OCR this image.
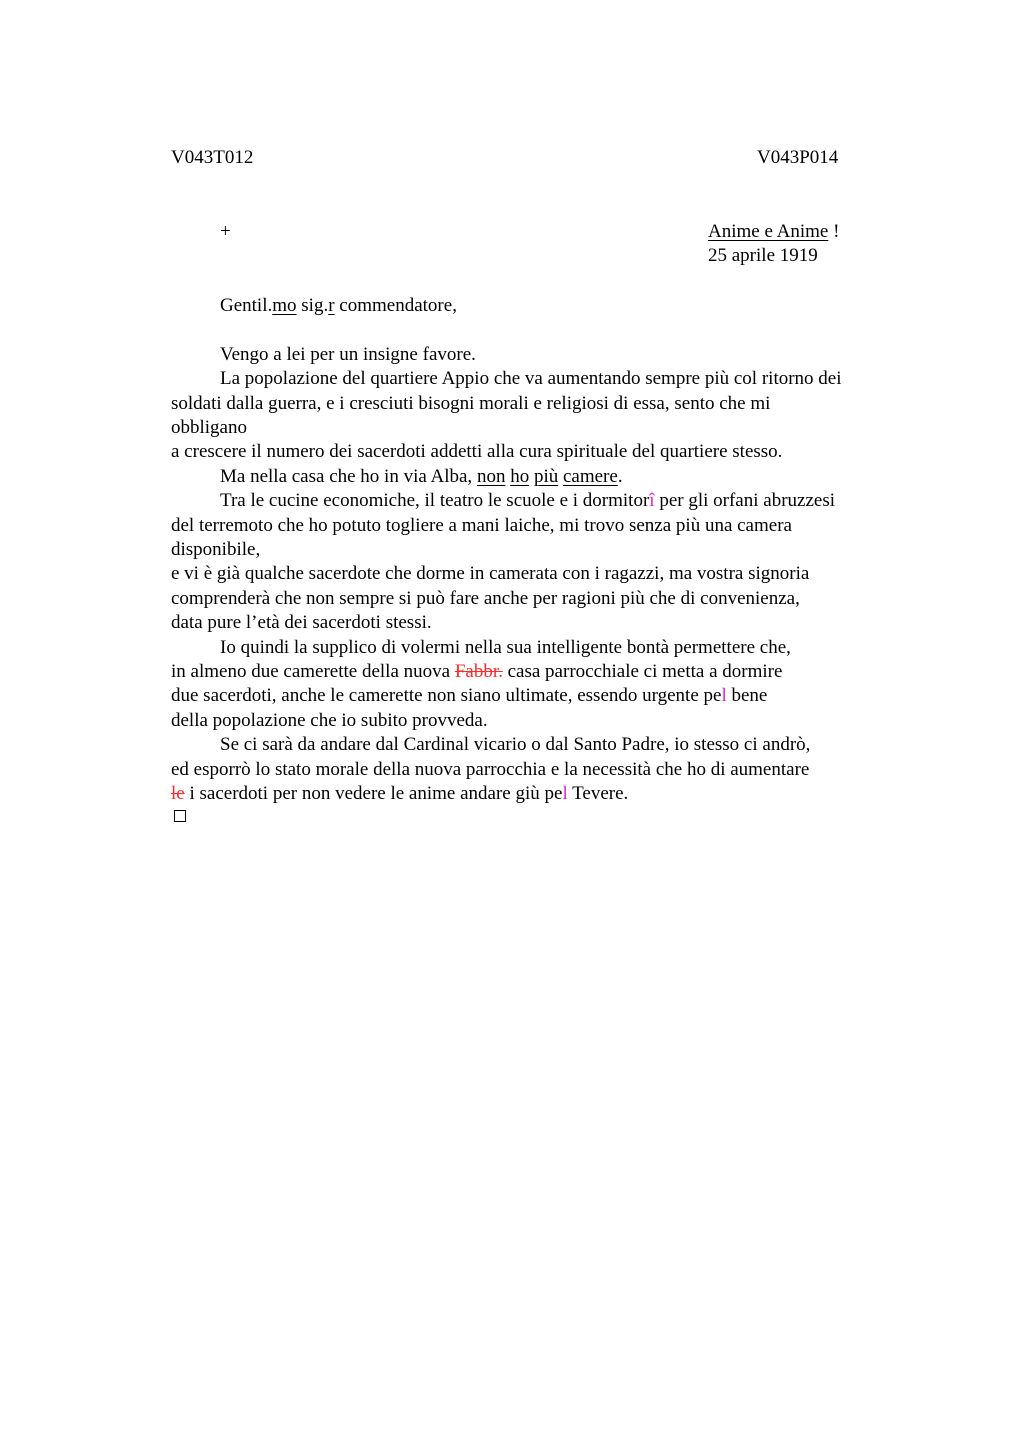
V043T012	V043P014
+	Anime e Anime !
25 aprile 1919
Gentil.mo sig.r commendatore,
Vengo a lei per un insigne favore.
La popolazione del quartiere Appio che va aumentando sempre più col ritorno dei
soldati dalla guerra, e i cresciuti bisogni morali e religiosi di essa, sento che mi
obbligano
a crescere il numero dei sacerdoti addetti alla cura spirituale del quartiere stesso.
Ma nella casa che ho in via Alba, non ho più camere.
Tra le cucine economiche, il teatro le scuole e i dormitorî per gli orfani abruzzesi
del terremoto che ho potuto togliere a mani laiche, mi trovo senza più una camera
disponibile,
e vi è già qualche sacerdote che dorme in camerata con i ragazzi, ma vostra signoria
comprenderà che non sempre si può fare anche per ragioni più che di convenienza,
data pure l’età dei sacerdoti stessi.
Io quindi la supplico di volermi nella sua intelligente bontà permettere che,
in almeno due camerette della nuova Fabbr. casa parrocchiale ci metta a dormire
due sacerdoti, anche le camerette non siano ultimate, essendo urgente pel bene
della popolazione che io subito provveda.
Se ci sarà da andare dal Cardinal vicario o dal Santo Padre, io stesso ci andrò,
ed esporrò lo stato morale della nuova parrocchia e la necessità che ho di aumentare
le i sacerdoti per non vedere le anime andare giù pel Tevere.
